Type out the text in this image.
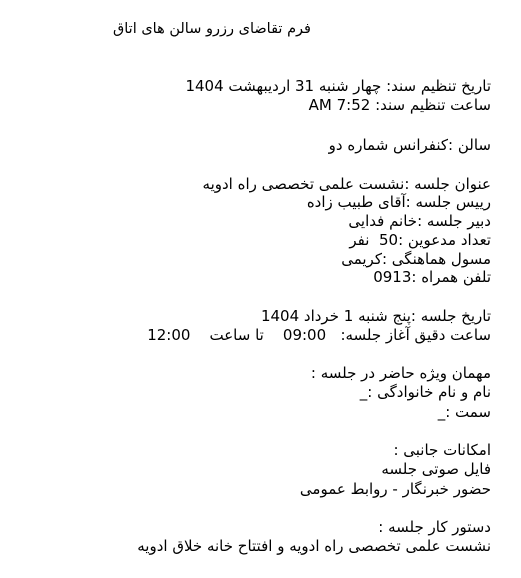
فرم تقاضای رزرو سالن های اتاق

تاریخ تنظیم سند: چهار شنبه 31 اردیبهشت 1404

ساعت تنظیم سند: 7:52 AM

سالن :کنفرانس شماره دو

عنوان جلسه :نشست علمی تخصصی راه ادویه

رییس جلسه :آقای طبیب زاده

دبیر جلسه :خانم فدایی

تعداد مدعوین :50  نفر

مسول هماهنگی :کریمی

تلفن همراه :0913

تاریخ جلسه :پنج شنبه 1 خرداد 1404

ساعت دقیق آغاز جلسه:   09:00    تا ساعت    12:00

مهمان ویژه حاضر در جلسه :

نام و نام خانوادگی :_

سمت :_

امکانات جانبی :

فایل صوتی جلسه

حضور خبرنگار - روابط عمومی

دستور کار جلسه :

نشست علمی تخصصی راه ادویه و افتتاح خانه خلاق ادویه
